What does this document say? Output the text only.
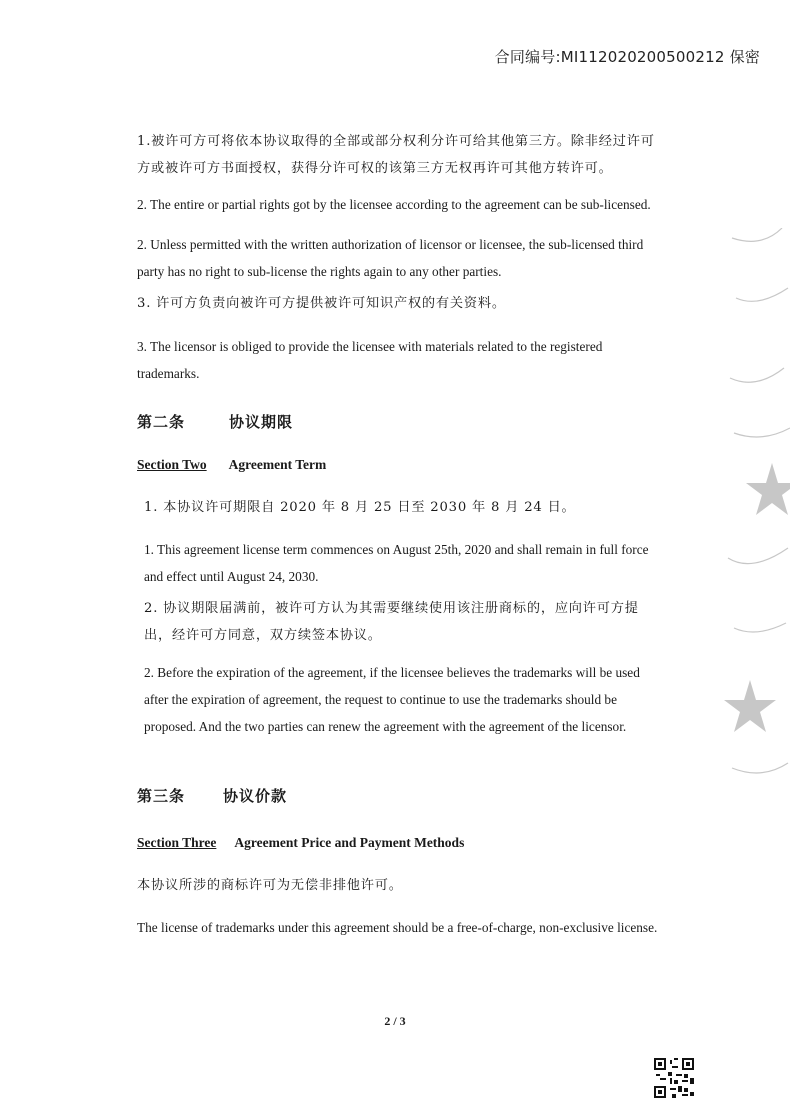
合同编号:MI112020200500212 保密
1.被许可方可将依本协议取得的全部或部分权利分许可给其他第三方。除非经过许可方或被许可方书面授权，获得分许可权的该第三方无权再许可其他方转许可。
2. The entire or partial rights got by the licensee according to the agreement can be sub-licensed.
2. Unless permitted with the written authorization of licensor or licensee, the sub-licensed third party has no right to sub-license the rights again to any other parties.
3. 许可方负责向被许可方提供被许可知识产权的有关资料。
3. The licensor is obliged to provide the licensee with materials related to the registered trademarks.
第二条	协议期限
Section Two Agreement Term
1. 本协议许可期限自 2020 年 8 月 25 日至 2030 年 8 月 24 日。
1. This agreement license term commences on August 25th, 2020 and shall remain in full force and effect until August 24, 2030.
2. 协议期限届满前，被许可方认为其需要继续使用该注册商标的，应向许可方提出，经许可方同意，双方续签本协议。
2. Before the expiration of the agreement, if the licensee believes the trademarks will be used after the expiration of agreement, the request to continue to use the trademarks should be proposed. And the two parties can renew the agreement with the agreement of the licensor.
第三条	协议价款
Section Three Agreement Price and Payment Methods
本协议所涉的商标许可为无偿非排他许可。
The license of trademarks under this agreement should be a free-of-charge, non-exclusive license.
2 / 3
